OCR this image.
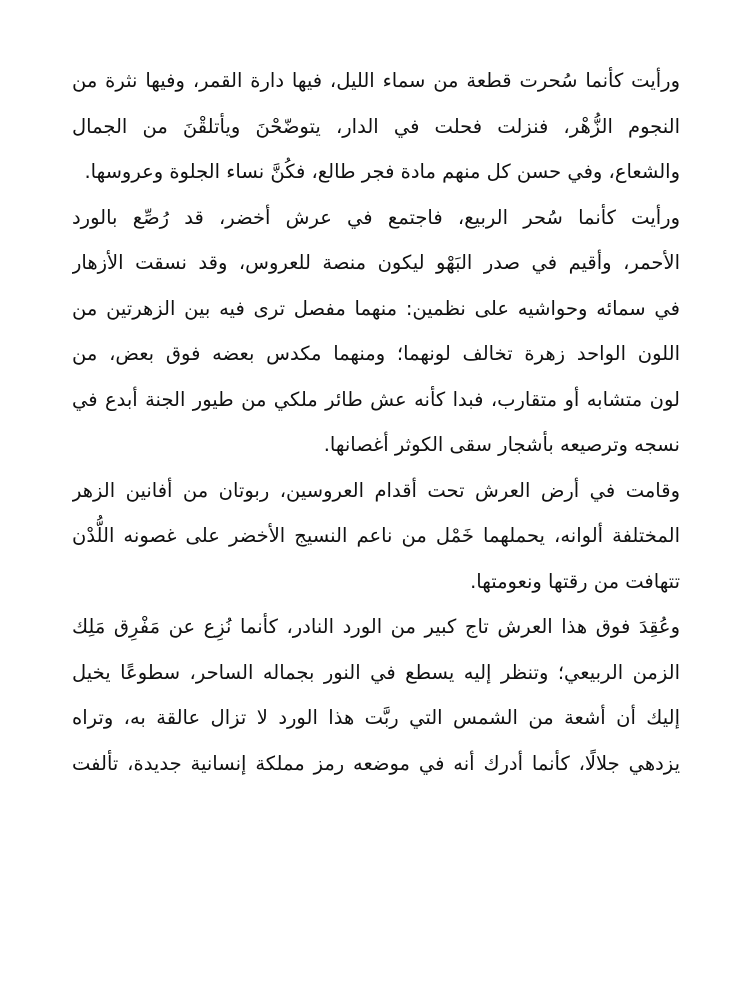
ورأيت كأنما سُحرت قطعة من سماء الليل، فيها دارة القمر، وفيها نثرة من
النجوم الزُّهْر، فنزلت فحلت في الدار، يتوضّحْنَ ويأتلقْنَ من الجمال
والشعاع، وفي حسن كل منهم مادة فجر طالع، فكُنَّ نساء الجلوة وعروسها.
ورأيت كأنما سُحر الربيع، فاجتمع في عرش أخضر، قد رُصِّع بالورد
الأحمر، وأقيم في صدر البَهْو ليكون منصة للعروس، وقد نسقت الأزهار
في سمائه وحواشيه على نظمين: منهما مفصل ترى فيه بين الزهرتين من
اللون الواحد زهرة تخالف لونهما؛ ومنهما مكدس بعضه فوق بعض، من
لون متشابه أو متقارب، فبدا كأنه عش طائر ملكي من طيور الجنة أبدع في
نسجه وترصيعه بأشجار سقى الكوثر أغصانها.
وقامت في أرض العرش تحت أقدام العروسين، ربوتان من أفانين الزهر
المختلفة ألوانه، يحملهما خَمْل من ناعم النسيج الأخضر على غصونه اللُّدْن
تتهافت من رقتها ونعومتها.
وعُقِدَ فوق هذا العرش تاج كبير من الورد النادر، كأنما نُزِع عن مَفْرِق مَلِك
الزمن الربيعي؛ وتنظر إليه يسطع في النور بجماله الساحر، سطوعًا يخيل
إليك أن أشعة من الشمس التي ربَّت هذا الورد لا تزال عالقة به، وتراه
يزدهي جلالًا، كأنما أدرك أنه في موضعه رمز مملكة إنسانية جديدة، تألفت
